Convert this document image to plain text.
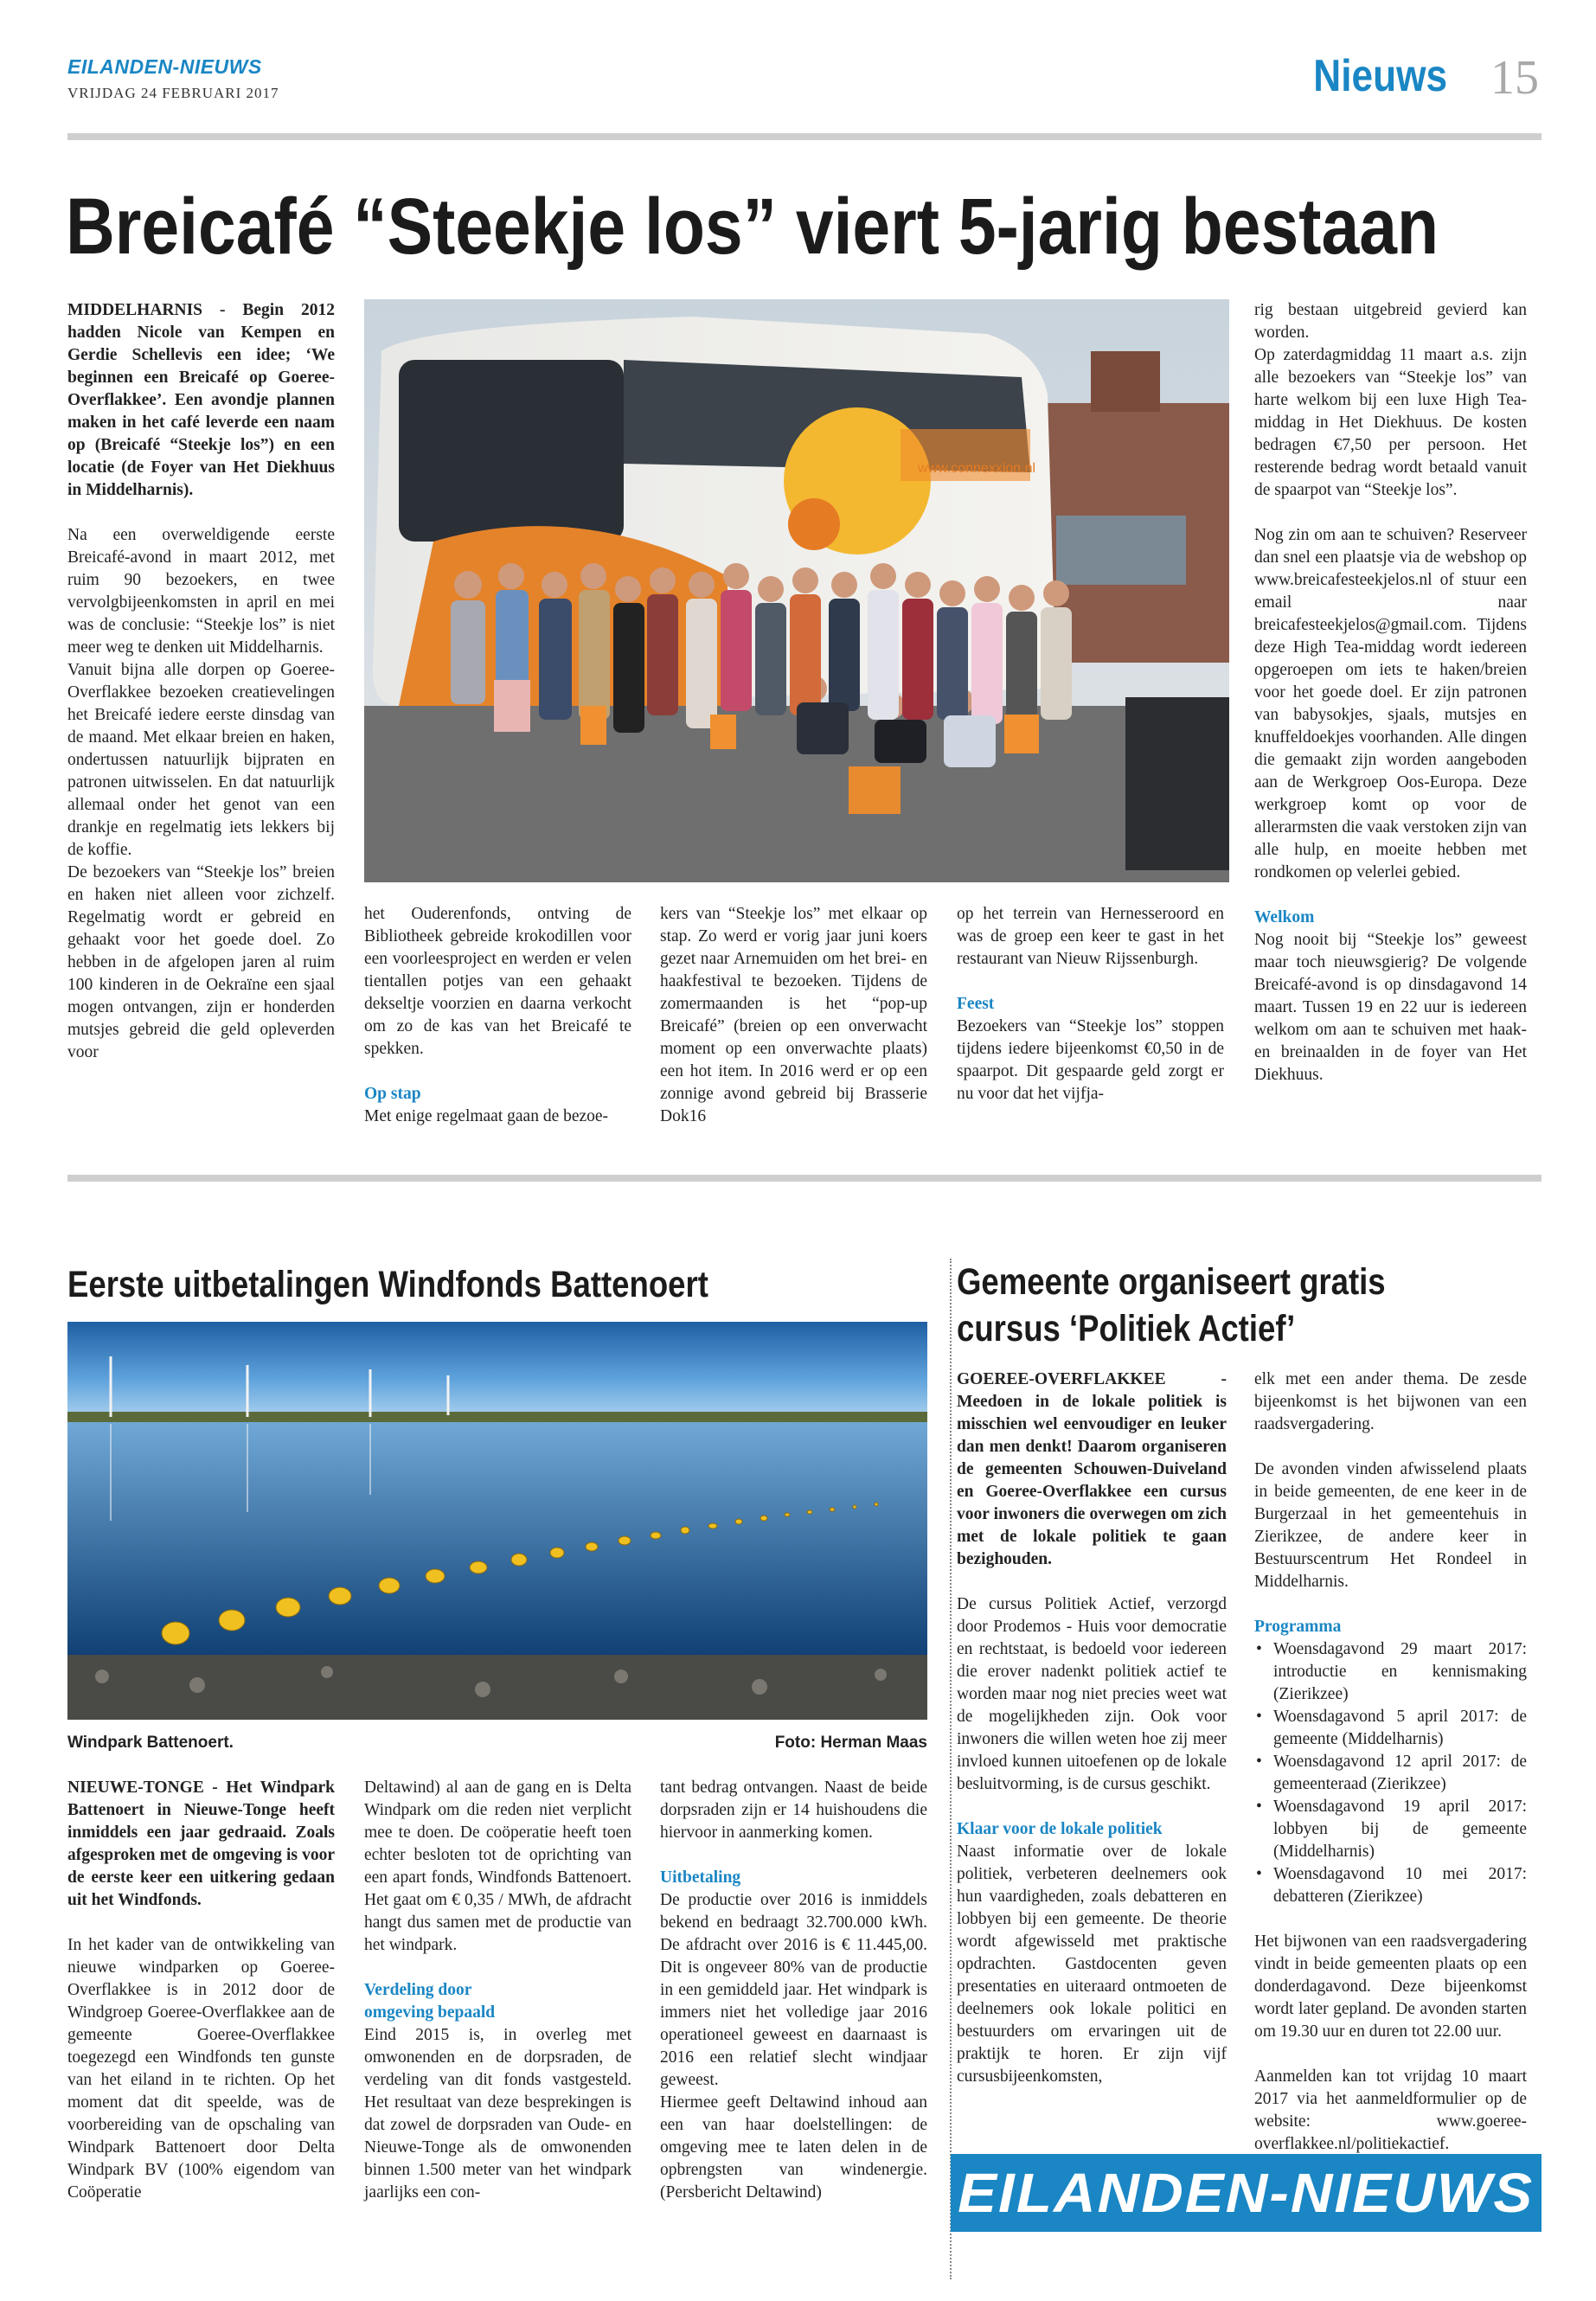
EILANDEN-NIEUWS
VRIJDAG 24 FEBRUARI 2017	Nieuws 15
Breicafé “Steekje los” viert 5-jarig bestaan

MIDDELHARNIS - Begin 2012 hadden Nicole van Kempen en Gerdie Schellevis een idee; ‘We beginnen een Breicafé op Goeree-Overflakkee’. Een avondje plannen maken in het café leverde een naam op (Breicafé “Steekje los”) en een locatie (de Foyer van Het Diekhuus in Middelharnis).

Na een overweldigende eerste Breicafé-avond in maart 2012, met ruim 90 bezoekers, en twee vervolgbijeenkomsten in april en mei was de conclusie: “Steekje los” is niet meer weg te denken uit Middelharnis.

Vanuit bijna alle dorpen op Goeree-Overflakkee bezoeken creatievelingen het Breicafé iedere eerste dinsdag van de maand. Met elkaar breien en haken, ondertussen natuurlijk bijpraten en patronen uitwisselen. En dat natuurlijk allemaal onder het genot van een drankje en regelmatig iets lekkers bij de koffie.

De bezoekers van “Steekje los” breien en haken niet alleen voor zichzelf. Regelmatig wordt er gebreid en gehaakt voor het goede doel. Zo hebben in de afgelopen jaren al ruim 100 kinderen in de Oekraïne een sjaal mogen ontvangen, zijn er honderden mutsjes gebreid die geld opleverden voor

www.connexxion.nl

het Ouderenfonds, ontving de Bibliotheek gebreide krokodillen voor een voorleesproject en werden er velen tientallen potjes van een gehaakt dekseltje voorzien en daarna verkocht om zo de kas van het Breicafé te spekken.

Op stap

Met enige regelmaat gaan de bezoe-

kers van “Steekje los” met elkaar op stap. Zo werd er vorig jaar juni koers gezet naar Arnemuiden om het brei- en haakfestival te bezoeken. Tijdens de zomermaanden is het “pop-up Breicafé” (breien op een onverwacht moment op een onverwachte plaats) een hot item. In 2016 werd er op een zonnige avond gebreid bij Brasserie Dok16

op het terrein van Hernesseroord en was de groep een keer te gast in het restaurant van Nieuw Rijssenburgh.

Feest

Bezoekers van “Steekje los” stoppen tijdens iedere bijeenkomst €0,50 in de spaarpot. Dit gespaarde geld zorgt er nu voor dat het vijfja-

rig bestaan uitgebreid gevierd kan worden.

Op zaterdagmiddag 11 maart a.s. zijn alle bezoekers van “Steekje los” van harte welkom bij een luxe High Tea-middag in Het Diekhuus. De kosten bedragen €7,50 per persoon. Het resterende bedrag wordt betaald vanuit de spaarpot van “Steekje los”.

Nog zin om aan te schuiven? Reserveer dan snel een plaatsje via de webshop op www.breicafesteekjelos.nl of stuur een email naar breicafesteekjelos@gmail.com. Tijdens deze High Tea-middag wordt iedereen opgeroepen om iets te haken/breien voor het goede doel. Er zijn patronen van babysokjes, sjaals, mutsjes en knuffeldoekjes voorhanden. Alle dingen die gemaakt zijn worden aangeboden aan de Werkgroep Oos-Europa. Deze werkgroep komt op voor de allerarmsten die vaak verstoken zijn van alle hulp, en moeite hebben met rondkomen op velerlei gebied.

Welkom

Nog nooit bij “Steekje los” geweest maar toch nieuwsgierig? De volgende Breicafé-avond is op dinsdagavond 14 maart. Tussen 19 en 22 uur is iedereen welkom om aan te schuiven met haak- en breinaalden in de foyer van Het Diekhuus.

Eerste uitbetalingen Windfonds Battenoert
Windpark Battenoert.	Foto: Herman Maas

NIEUWE-TONGE - Het Windpark Battenoert in Nieuwe-Tonge heeft inmiddels een jaar gedraaid. Zoals afgesproken met de omgeving is voor de eerste keer een uitkering gedaan uit het Windfonds.

In het kader van de ontwikkeling van nieuwe windparken op Goeree-Overflakkee is in 2012 door de Windgroep Goeree-Overflakkee aan de gemeente Goeree-Overflakkee toegezegd een Windfonds ten gunste van het eiland in te richten. Op het moment dat dit speelde, was de voorbereiding van de opschaling van Windpark Battenoert door Delta Windpark BV (100% eigendom van Coöperatie

Deltawind) al aan de gang en is Delta Windpark om die reden niet verplicht mee te doen. De coöperatie heeft toen echter besloten tot de oprichting van een apart fonds, Windfonds Battenoert. Het gaat om € 0,35 / MWh, de afdracht hangt dus samen met de productie van het windpark.

Verdeling door

omgeving bepaald

Eind 2015 is, in overleg met omwonenden en de dorpsraden, de verdeling van dit fonds vastgesteld. Het resultaat van deze besprekingen is dat zowel de dorpsraden van Oude- en Nieuwe-Tonge als de omwonenden binnen 1.500 meter van het windpark jaarlijks een con-

tant bedrag ontvangen. Naast de beide dorpsraden zijn er 14 huishoudens die hiervoor in aanmerking komen.

Uitbetaling

De productie over 2016 is inmiddels bekend en bedraagt 32.700.000 kWh. De afdracht over 2016 is € 11.445,00. Dit is ongeveer 80% van de productie in een gemiddeld jaar. Het windpark is immers niet het volledige jaar 2016 operationeel geweest en daarnaast is 2016 een relatief slecht windjaar geweest.

Hiermee geeft Deltawind inhoud aan een van haar doelstellingen: de omgeving mee te laten delen in de opbrengsten van windenergie. (Persbericht Deltawind)

Gemeente organiseert gratis
cursus ‘Politiek Actief’

GOEREE-OVERFLAKKEE - Meedoen in de lokale politiek is misschien wel eenvoudiger en leuker dan men denkt! Daarom organiseren de gemeenten Schouwen-Duiveland en Goeree-Overflakkee een cursus voor inwoners die overwegen om zich met de lokale politiek te gaan bezighouden.

De cursus Politiek Actief, verzorgd door Prodemos - Huis voor democratie en rechtstaat, is bedoeld voor iedereen die erover nadenkt politiek actief te worden maar nog niet precies weet wat de mogelijkheden zijn. Ook voor inwoners die willen weten hoe zij meer invloed kunnen uitoefenen op de lokale besluitvorming, is de cursus geschikt.

Klaar voor de lokale politiek

Naast informatie over de lokale politiek, verbeteren deelnemers ook hun vaardigheden, zoals debatteren en lobbyen bij een gemeente. De theorie wordt afgewisseld met praktische opdrachten. Gastdocenten geven presentaties en uiteraard ontmoeten de deelnemers ook lokale politici en bestuurders om ervaringen uit de praktijk te horen. Er zijn vijf cursusbijeenkomsten,

elk met een ander thema. De zesde bijeenkomst is het bijwonen van een raadsvergadering.

De avonden vinden afwisselend plaats in beide gemeenten, de ene keer in de Burgerzaal in het gemeentehuis in Zierikzee, de andere keer in Bestuurscentrum Het Rondeel in Middelharnis.

Programma

• Woensdagavond 29 maart 2017: introductie en kennismaking (Zierikzee)
• Woensdagavond 5 april 2017: de gemeente (Middelharnis)
• Woensdagavond 12 april 2017: de gemeenteraad (Zierikzee)
• Woensdagavond 19 april 2017: lobbyen bij de gemeente (Middelharnis)
• Woensdagavond 10 mei 2017: debatteren (Zierikzee)

Het bijwonen van een raadsvergadering vindt in beide gemeenten plaats op een donderdagavond. Deze bijeenkomst wordt later gepland. De avonden starten om 19.30 uur en duren tot 22.00 uur.

Aanmelden kan tot vrijdag 10 maart 2017 via het aanmeldformulier op de website: www.goeree-overflakkee.nl/politiekactief.

EILANDEN-NIEUWS
